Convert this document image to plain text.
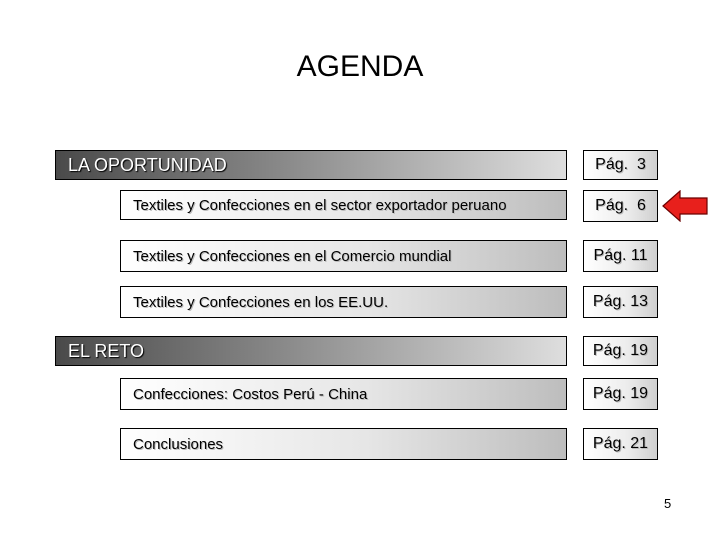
AGENDA
LA OPORTUNIDAD	Pág.  3
Textiles y Confecciones en el sector exportador peruano	Pág.  6
Textiles y Confecciones en el Comercio mundial	Pág. 11
Textiles y Confecciones en los EE.UU.	Pág. 13
EL RETO	Pág. 19
Confecciones: Costos Perú - China	Pág. 19
Conclusiones	Pág. 21
5
